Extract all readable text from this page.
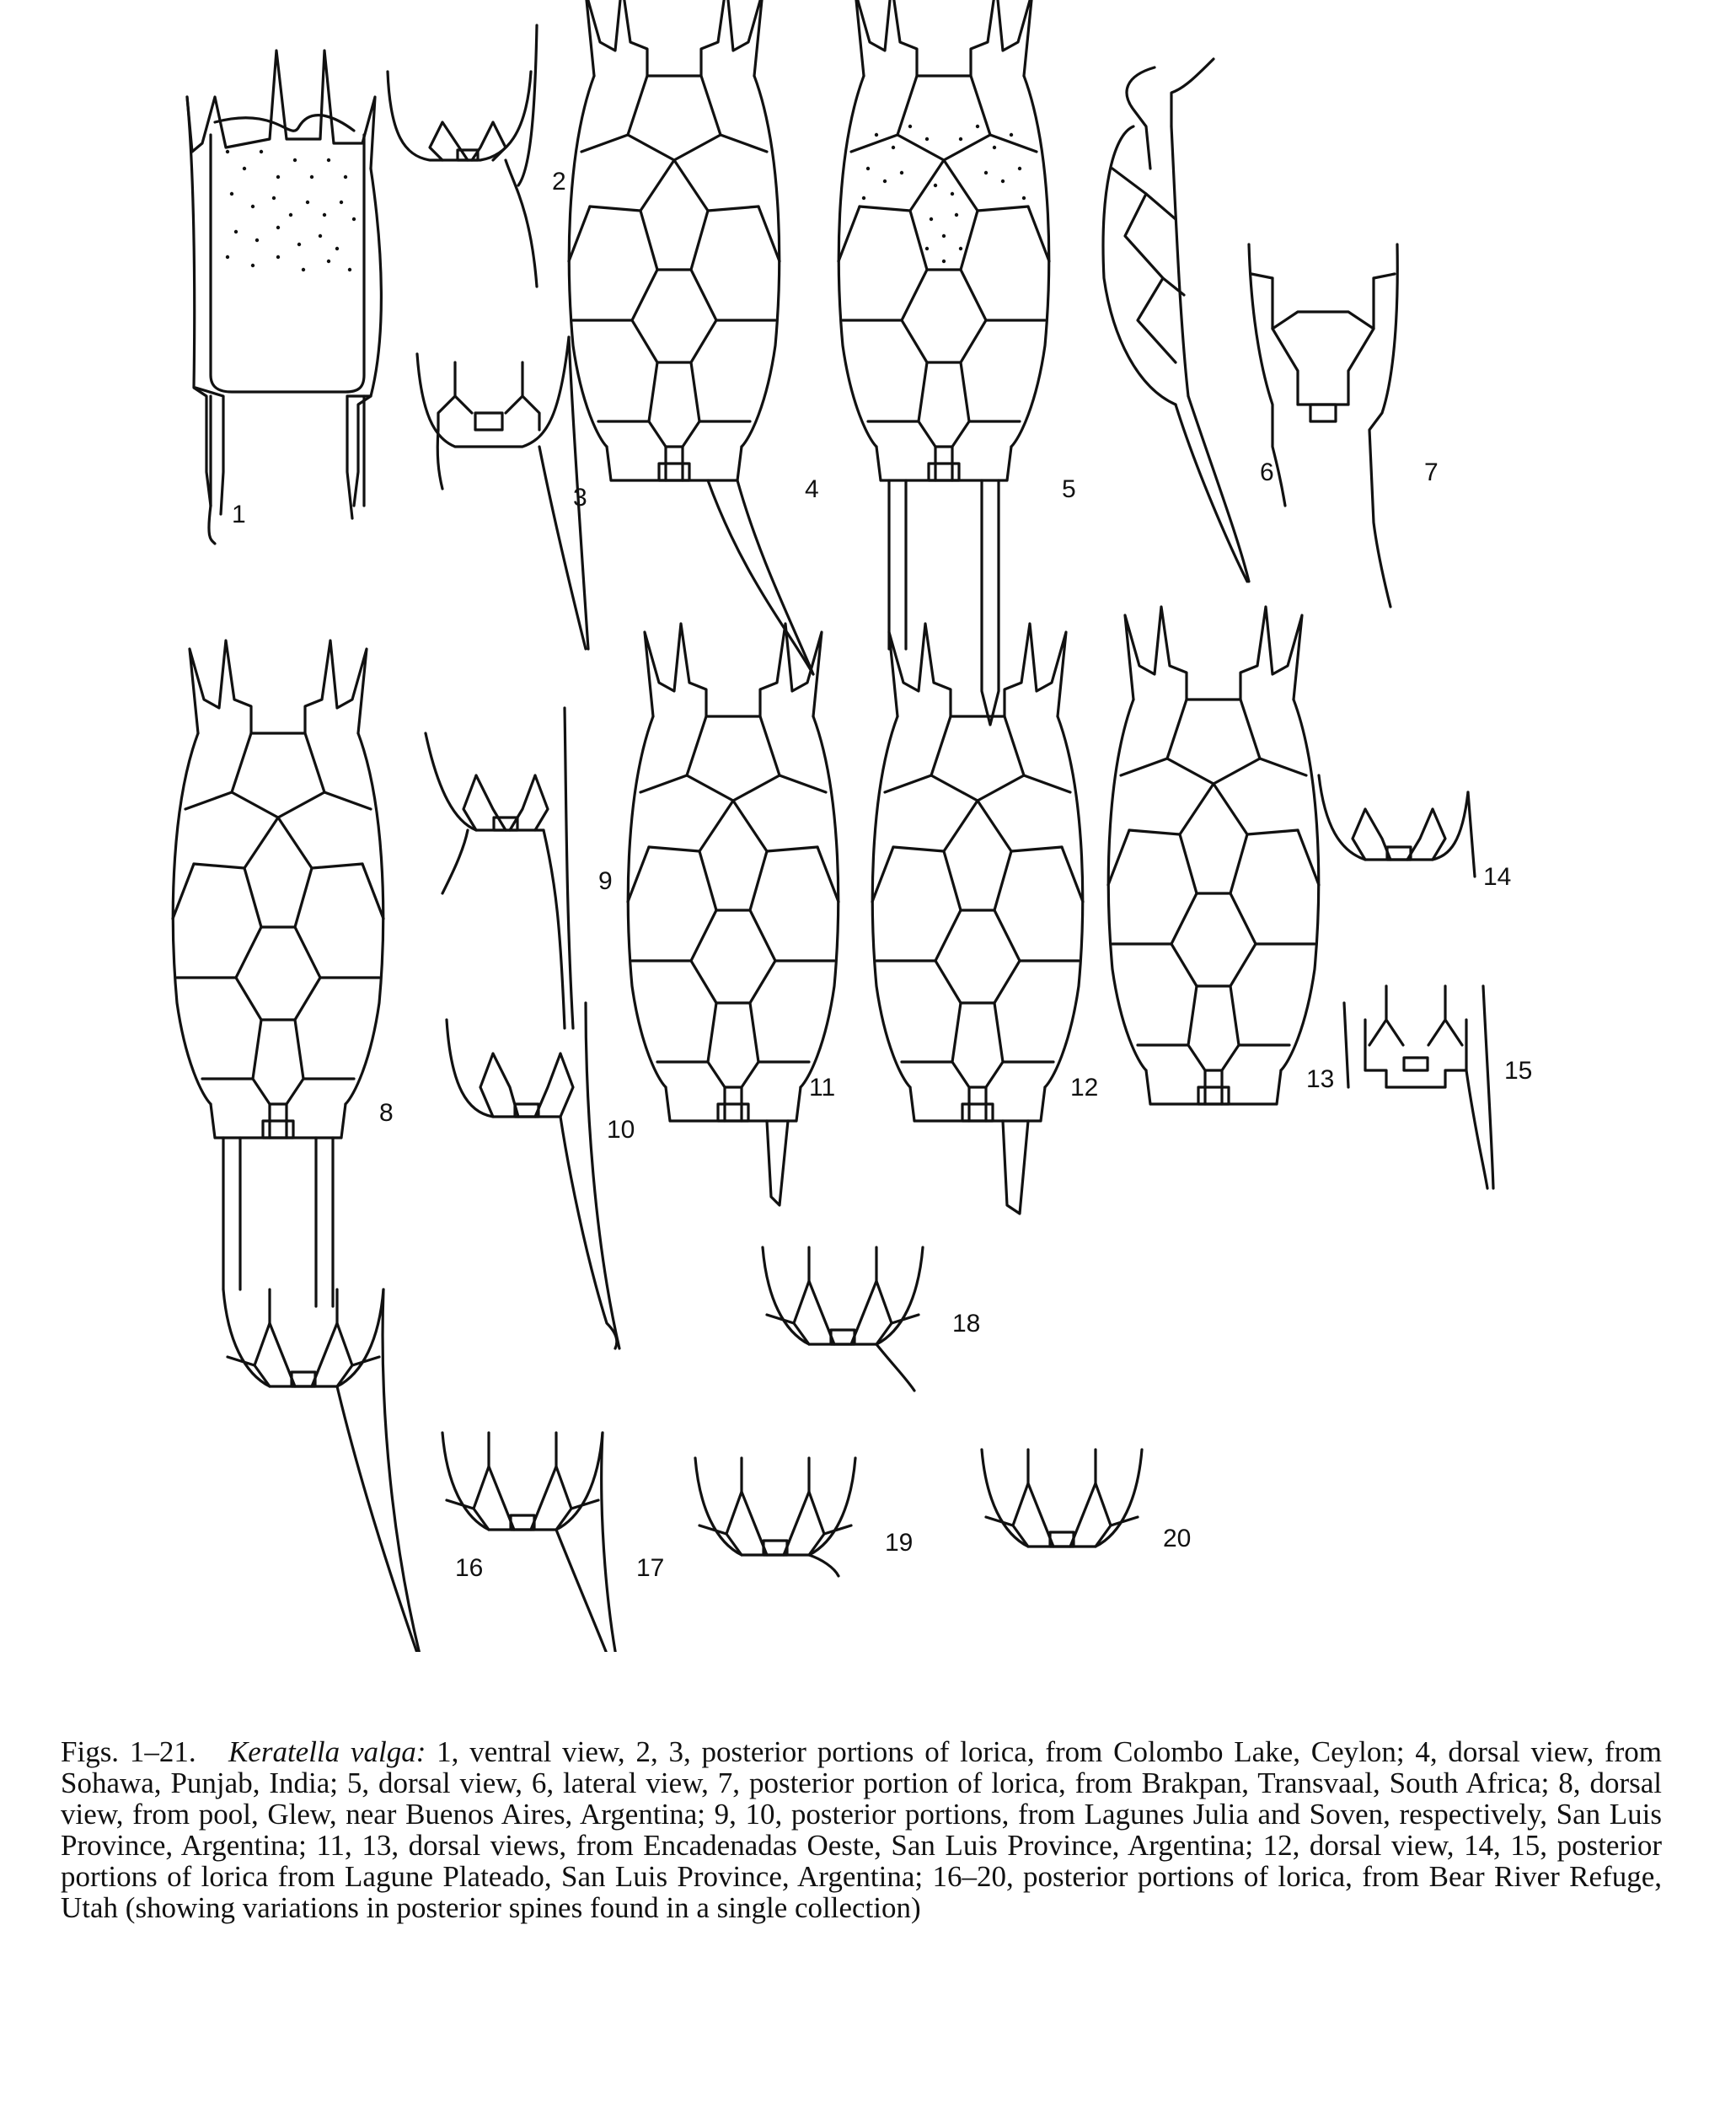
1
2
3	4	5
6	7
8
9
10
11	12	13
14
15
16	17
18
19	20

Figs. 1–21. Keratella valga: 1, ventral view, 2, 3, posterior portions of lorica, from Colombo Lake, Ceylon; 4, dorsal view, from Sohawa, Punjab, India; 5, dorsal view, 6, lateral view, 7, posterior portion of lorica, from Brakpan, Transvaal, South Africa; 8, dorsal view, from pool, Glew, near Buenos Aires, Argentina; 9, 10, posterior portions, from Lagunes Julia and Soven, respectively, San Luis Province, Argentina; 11, 13, dorsal views, from Encadenadas Oeste, San Luis Province, Argentina; 12, dorsal view, 14, 15, posterior portions of lorica from Lagune Plateado, San Luis Province, Argentina; 16–20, posterior portions of lorica, from Bear River Refuge, Utah (showing variations in posterior spines found in a single collection)
